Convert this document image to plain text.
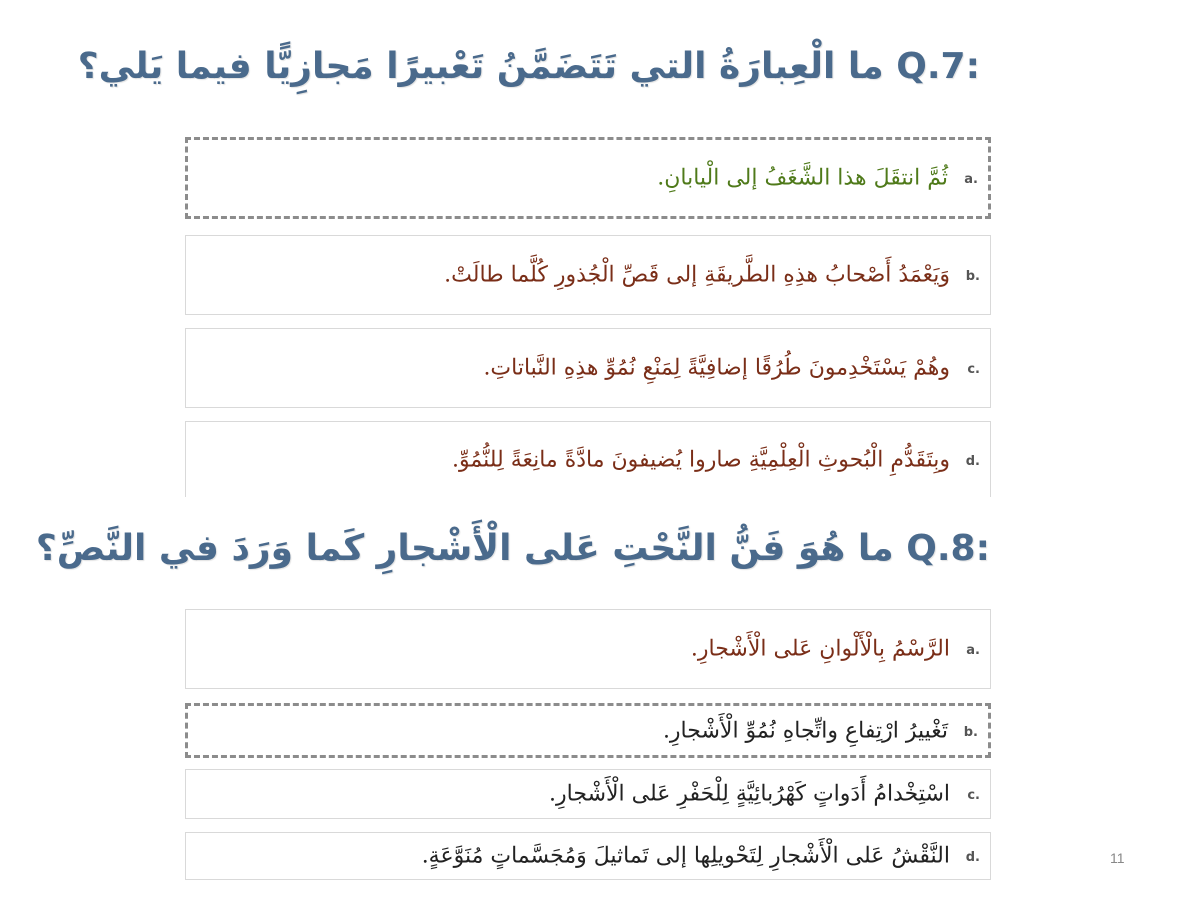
Q.7: ما الْعِبارَةُ التي تَتَضَمَّنُ تَعْبيرًا مَجازِيًّا فيما يَلي؟
a.
ثُمَّ انتقَلَ هذا الشَّغَفُ إلى الْيابانِ.
b.
وَيَعْمَدُ أَصْحابُ هذِهِ الطَّريقَةِ إلى قَصِّ الْجُذورِ كُلَّما طالَتْ.
c.
وهُمْ يَسْتَخْدِمونَ طُرُقًا إضافِيَّةً لِمَنْعِ نُمُوِّ هذِهِ النَّباتاتِ.
d.
وبِتَقَدُّمِ الْبُحوثِ الْعِلْمِيَّةِ صاروا يُضيفونَ مادَّةً مانِعَةً لِلنُّمُوِّ.
Q.8: ما هُوَ فَنُّ النَّحْتِ عَلى الْأَشْجارِ كَما وَرَدَ في النَّصِّ؟
a.
الرَّسْمُ بِالْأَلْوانِ عَلى الْأَشْجارِ.
b.
تَغْييرُ ارْتِفاعِ واتِّجاهِ نُمُوِّ الْأَشْجارِ.
c.
اسْتِخْدامُ أَدَواتٍ كَهْرُبائِيَّةٍ لِلْحَفْرِ عَلى الْأَشْجارِ.
d.
النَّقْشُ عَلى الْأَشْجارِ لِتَحْويلِها إلى تَماثيلَ وَمُجَسَّماتٍ مُنَوَّعَةٍ.	11
